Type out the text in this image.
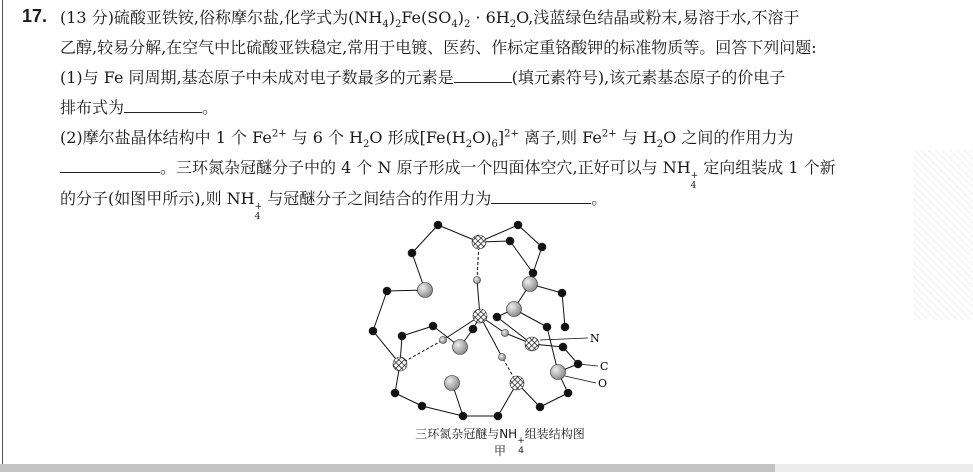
17. (13 分)硫酸亚铁铵,俗称摩尔盐,化学式为$(NH_4)_2Fe(SO_4)_2 \cdot 6H_2O$,浅蓝绿色结晶或粉末,易溶于水,不溶于
乙醇,较易分解,在空气中比硫酸亚铁稳定,常用于电镀、医药、作标定重铬酸钾的标准物质等。回答下列问题:
(1)与 Fe 同周期,基态原子中未成对电子数最多的元素是	(填元素符号),该元素基态原子的价电子
排布式为	。
(2)摩尔盐晶体结构中 1 个 $Fe^{2+}$ 与 6 个 $H_2O$ 形成$[Fe(H_2O)_6]^{2+}$ 离子,则 $Fe^{2+}$ 与 $H_2O$ 之间的作用力为
。三环氮杂冠醚分子中的 4 个 N 原子形成一个四面体空穴,正好可以与 NH +
4
定向组装成 1 个新
的分子(如图甲所示),则 NH +
4
与冠醚分子之间结合的作用力为	。
N
C
O
三环氮杂冠醚与NH +
4
组装结构图
甲
